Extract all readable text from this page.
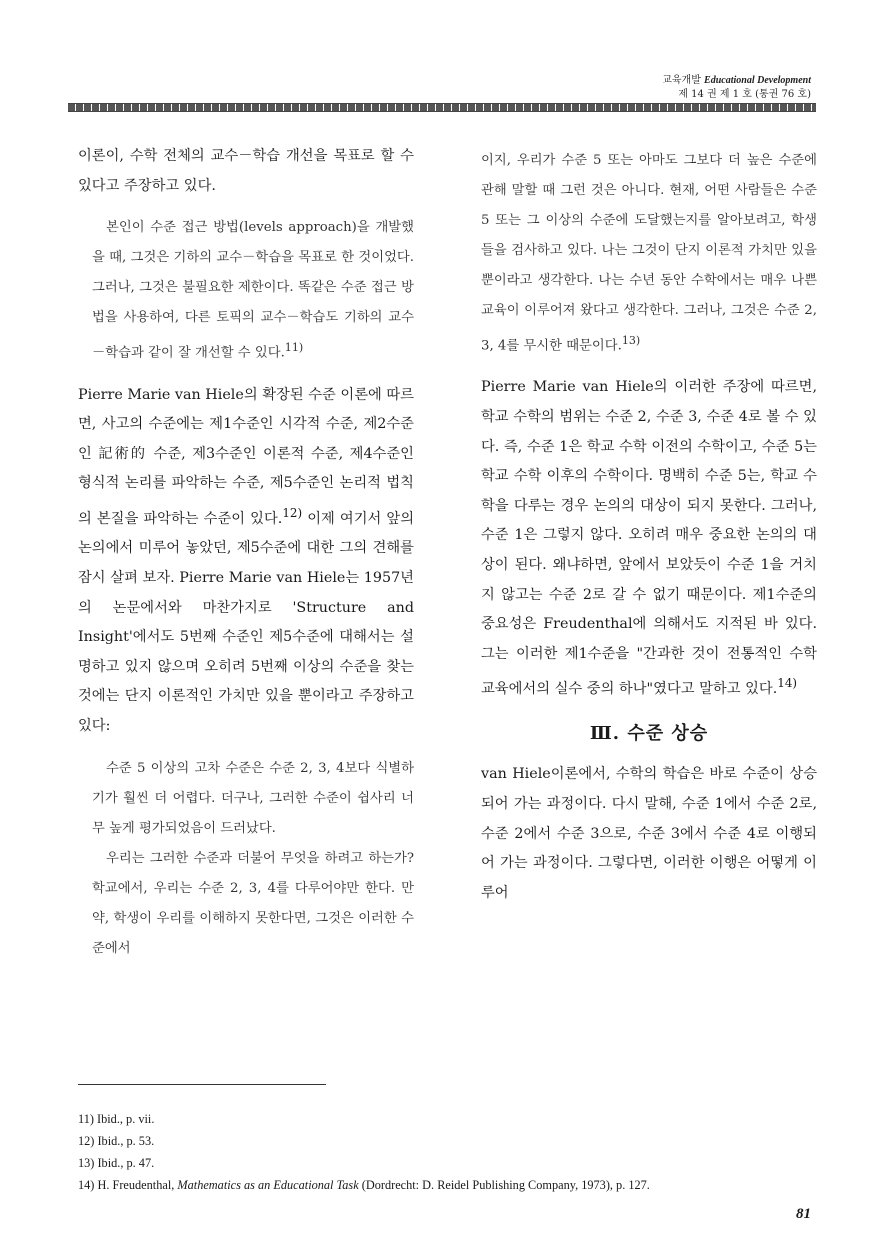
교육개발 Educational Development
제 14 권 제 1 호 (통권 76 호)

이론이, 수학 전체의 교수－학습 개선을 목표로 할 수 있다고 주장하고 있다.

본인이 수준 접근 방법(levels approach)을 개발했을 때, 그것은 기하의 교수－학습을 목표로 한 것이었다. 그러나, 그것은 불필요한 제한이다. 똑같은 수준 접근 방법을 사용하여, 다른 토픽의 교수－학습도 기하의 교수－학습과 같이 잘 개선할 수 있다.$^{11)}$

Pierre Marie van Hiele의 확장된 수준 이론에 따르면, 사고의 수준에는 제1수준인 시각적 수준, 제2수준인 記術的 수준, 제3수준인 이론적 수준, 제4수준인 형식적 논리를 파악하는 수준, 제5수준인 논리적 법칙의 본질을 파악하는 수준이 있다.$^{12)}$ 이제 여기서 앞의 논의에서 미루어 놓았던, 제5수준에 대한 그의 견해를 잠시 살펴 보자. Pierre Marie van Hiele는 1957년의 논문에서와 마찬가지로 'Structure and Insight'에서도 5번째 수준인 제5수준에 대해서는 설명하고 있지 않으며 오히려 5번째 이상의 수준을 찾는 것에는 단지 이론적인 가치만 있을 뿐이라고 주장하고 있다:

수준 5 이상의 고차 수준은 수준 2, 3, 4보다 식별하기가 훨씬 더 어렵다. 더구나, 그러한 수준이 쉽사리 너무 높게 평가되었음이 드러났다.

우리는 그러한 수준과 더불어 무엇을 하려고 하는가? 학교에서, 우리는 수준 2, 3, 4를 다루어야만 한다. 만약, 학생이 우리를 이해하지 못한다면, 그것은 이러한 수준에서

이지, 우리가 수준 5 또는 아마도 그보다 더 높은 수준에 관해 말할 때 그런 것은 아니다. 현재, 어떤 사람들은 수준 5 또는 그 이상의 수준에 도달했는지를 알아보려고, 학생들을 검사하고 있다. 나는 그것이 단지 이론적 가치만 있을 뿐이라고 생각한다. 나는 수년 동안 수학에서는 매우 나쁜 교육이 이루어져 왔다고 생각한다. 그러나, 그것은 수준 2, 3, 4를 무시한 때문이다.$^{13)}$

Pierre Marie van Hiele의 이러한 주장에 따르면, 학교 수학의 범위는 수준 2, 수준 3, 수준 4로 볼 수 있다. 즉, 수준 1은 학교 수학 이전의 수학이고, 수준 5는 학교 수학 이후의 수학이다. 명백히 수준 5는, 학교 수학을 다루는 경우 논의의 대상이 되지 못한다. 그러나, 수준 1은 그렇지 않다. 오히려 매우 중요한 논의의 대상이 된다. 왜냐하면, 앞에서 보았듯이 수준 1을 거치지 않고는 수준 2로 갈 수 없기 때문이다. 제1수준의 중요성은 Freudenthal에 의해서도 지적된 바 있다. 그는 이러한 제1수준을 "간과한 것이 전통적인 수학 교육에서의 실수 중의 하나"였다고 말하고 있다.$^{14)}$

Ⅲ. 수준 상승

van Hiele이론에서, 수학의 학습은 바로 수준이 상승되어 가는 과정이다. 다시 말해, 수준 1에서 수준 2로, 수준 2에서 수준 3으로, 수준 3에서 수준 4로 이행되어 가는 과정이다. 그렇다면, 이러한 이행은 어떻게 이루어

11) Ibid., p. vii.
12) Ibid., p. 53.
13) Ibid., p. 47.
14) H. Freudenthal, Mathematics as an Educational Task (Dordrecht: D. Reidel Publishing Company, 1973), p. 127.
81
